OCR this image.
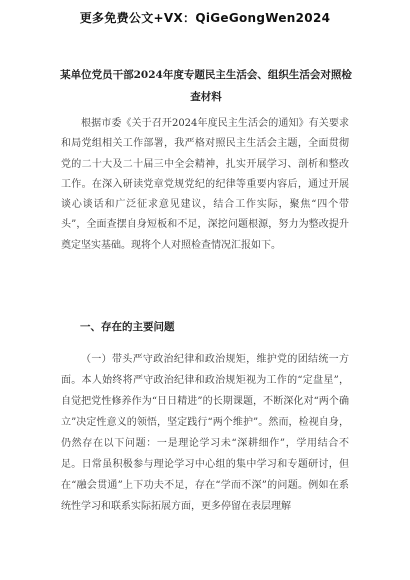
更多免费公文+VX：QiGeGongWen2024
某单位党员干部2024年度专题民主生活会、组织生活会对照检查材料
根据市委《关于召开2024年度民主生活会的通知》有关要求和局党组相关工作部署，我严格对照民主生活会主题，全面贯彻党的二十大及二十届三中全会精神，扎实开展学习、剖析和整改工作。在深入研读党章党规党纪的纪律等重要内容后，通过开展谈心谈话和广泛征求意见建议，结合工作实际，聚焦“四个带头”，全面查摆自身短板和不足，深挖问题根源，努力为整改提升奠定坚实基础。现将个人对照检查情况汇报如下。
一、存在的主要问题
（一）带头严守政治纪律和政治规矩，维护党的团结统一方面。本人始终将严守政治纪律和政治规矩视为工作的“定盘星”，自觉把党性修养作为“日日精进”的长期课题，不断深化对“两个确立”决定性意义的领悟，坚定践行“两个维护”。然而，检视自身，仍然存在以下问题：一是理论学习未“深耕细作”，学用结合不足。日常虽积极参与理论学习中心组的集中学习和专题研讨，但在“融会贯通”上下功夫不足，存在“学而不深”的问题。例如在系统性学习和联系实际拓展方面，更多停留在表层理解
